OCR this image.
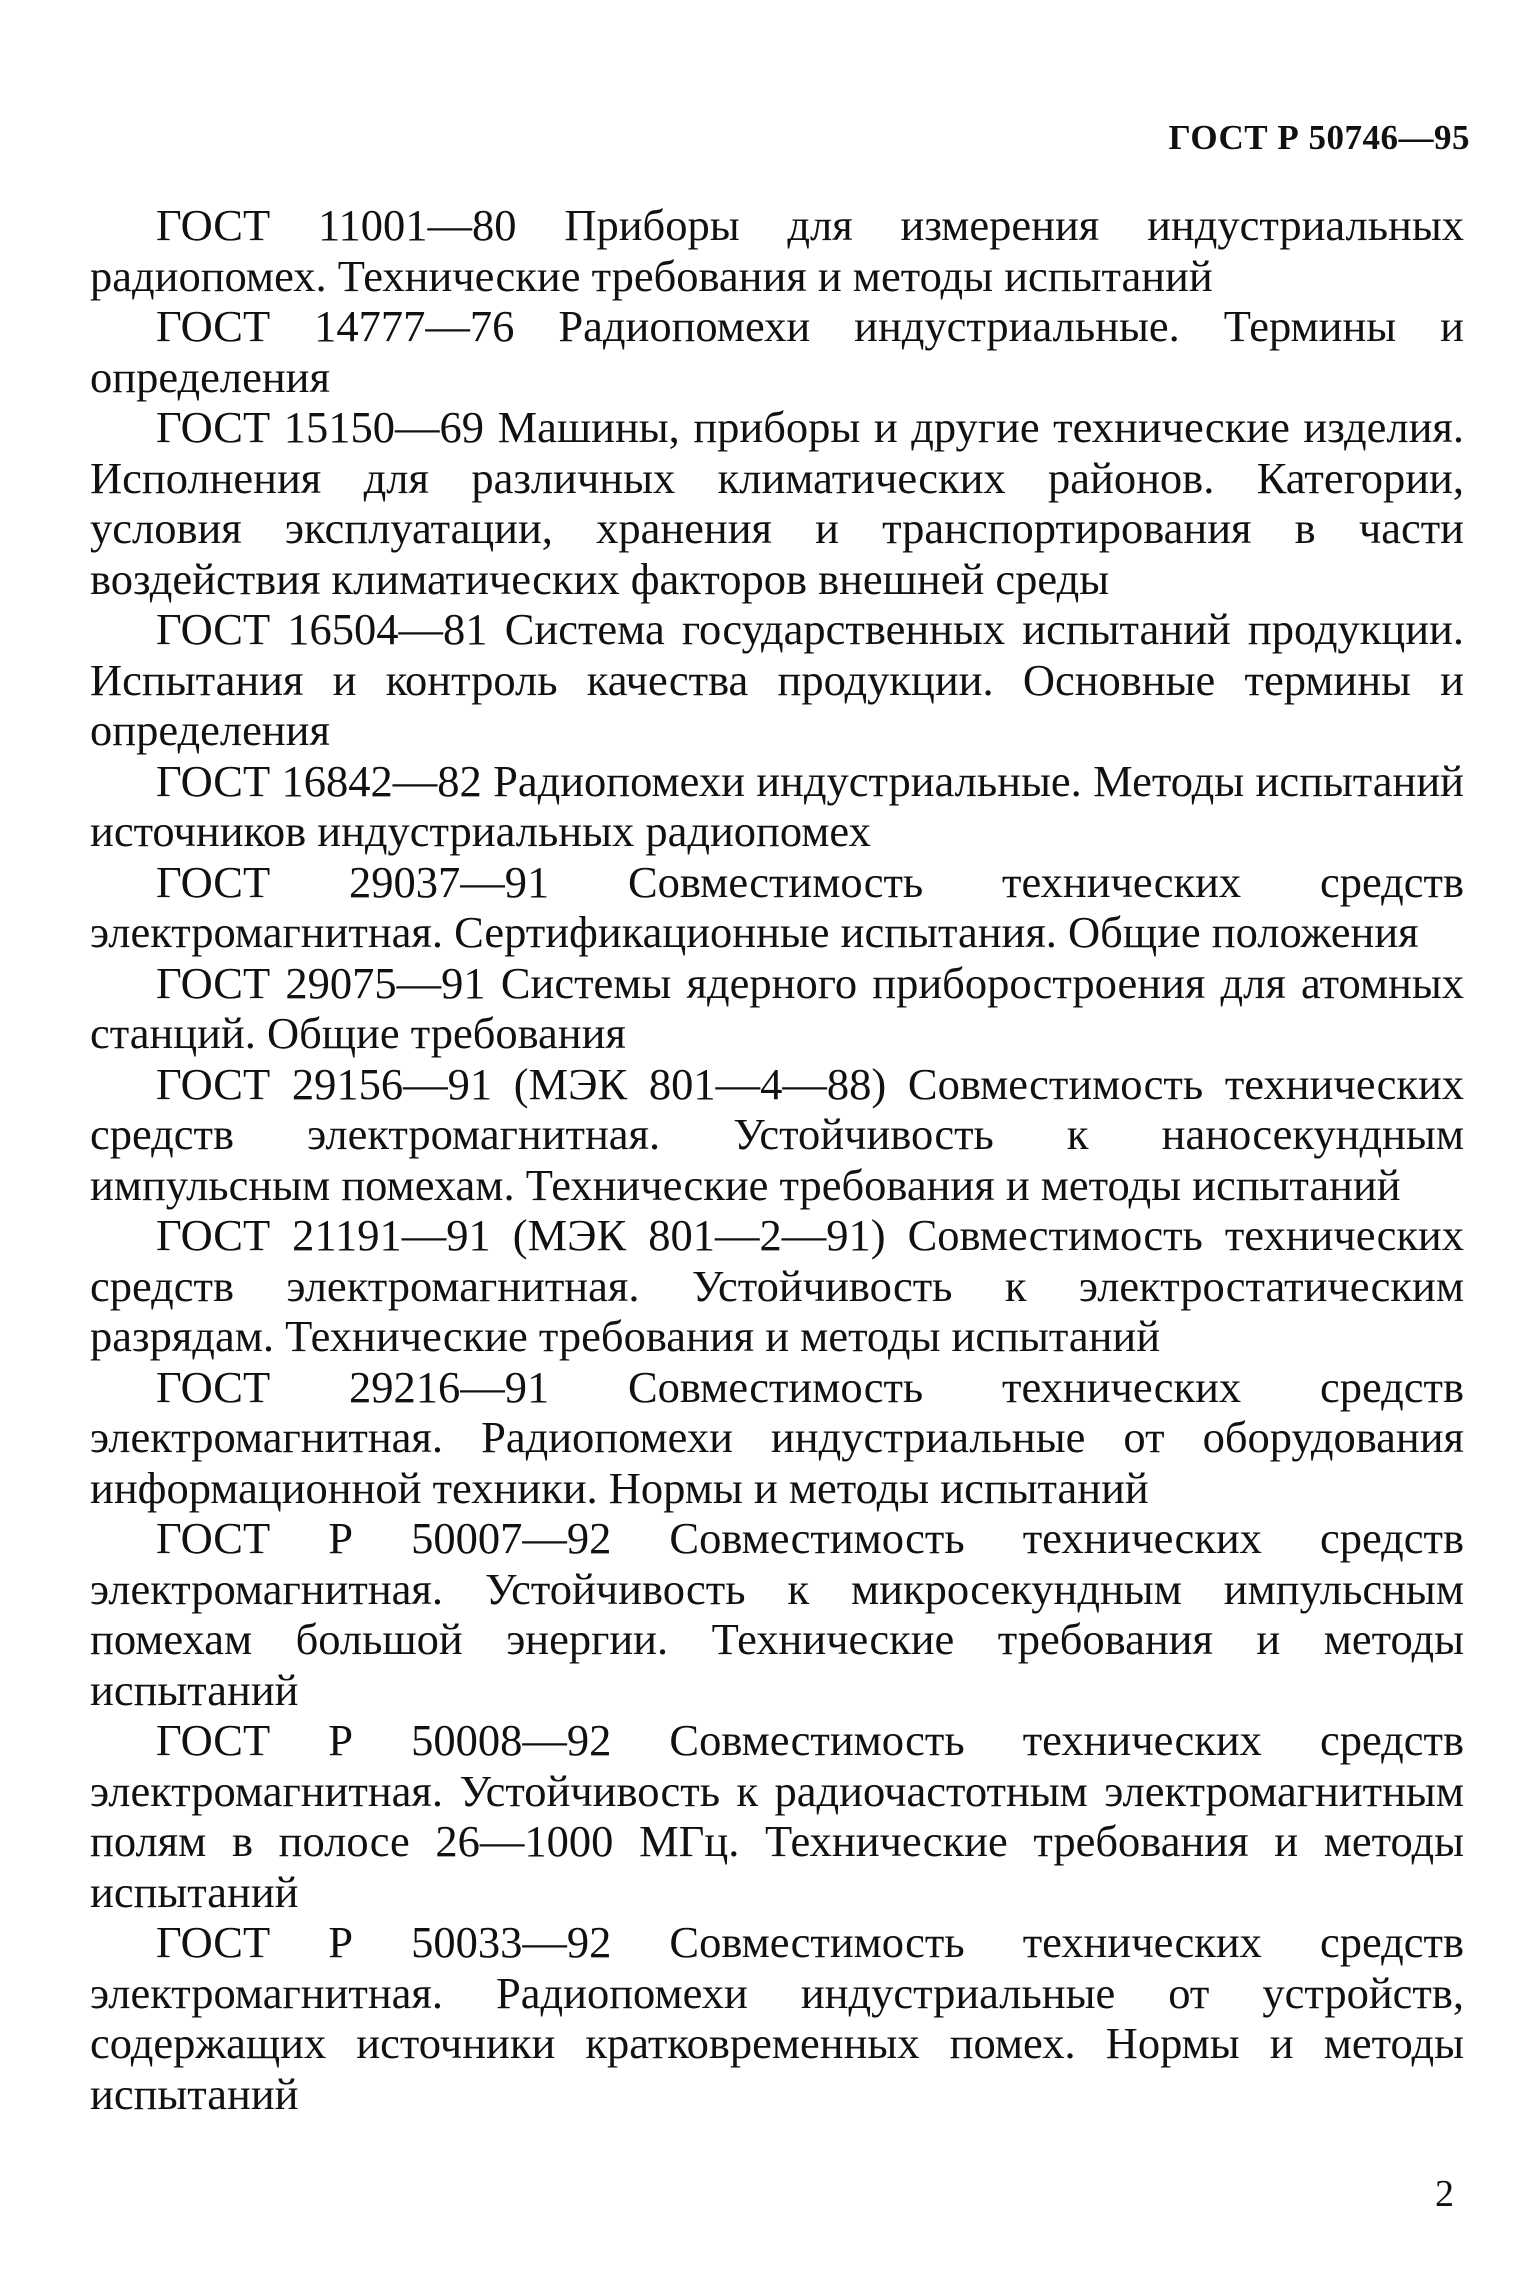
ГОСТ Р 50746—95
ГОСТ 11001—80 Приборы для измерения индустриальных радиопомех. Технические требования и методы испытаний
ГОСТ 14777—76 Радиопомехи индустриальные. Термины и определения
ГОСТ 15150—69 Машины, приборы и другие технические изделия. Исполнения для различных климатических районов. Категории, условия эксплуатации, хранения и транспортирования в части воздействия климатических факторов внешней среды
ГОСТ 16504—81 Система государственных испытаний продукции. Испытания и контроль качества продукции. Основные термины и определения
ГОСТ 16842—82 Радиопомехи индустриальные. Методы испытаний источников индустриальных радиопомех
ГОСТ 29037—91 Совместимость технических средств электромагнитная. Сертификационные испытания. Общие положения
ГОСТ 29075—91 Системы ядерного приборостроения для атомных станций. Общие требования
ГОСТ 29156—91 (МЭК 801—4—88) Совместимость технических средств электромагнитная. Устойчивость к наносекундным импульсным помехам. Технические требования и методы испытаний
ГОСТ 21191—91 (МЭК 801—2—91) Совместимость технических средств электромагнитная. Устойчивость к электростатическим разрядам. Технические требования и методы испытаний
ГОСТ 29216—91 Совместимость технических средств электромагнитная. Радиопомехи индустриальные от оборудования информационной техники. Нормы и методы испытаний
ГОСТ Р 50007—92 Совместимость технических средств электромагнитная. Устойчивость к микросекундным импульсным помехам большой энергии. Технические требования и методы испытаний
ГОСТ Р 50008—92 Совместимость технических средств электромагнитная. Устойчивость к радиочастотным электромагнитным полям в полосе 26—1000 МГц. Технические требования и методы испытаний
ГОСТ Р 50033—92 Совместимость технических средств электромагнитная. Радиопомехи индустриальные от устройств, содержащих источники кратковременных помех. Нормы и методы испытаний
2
